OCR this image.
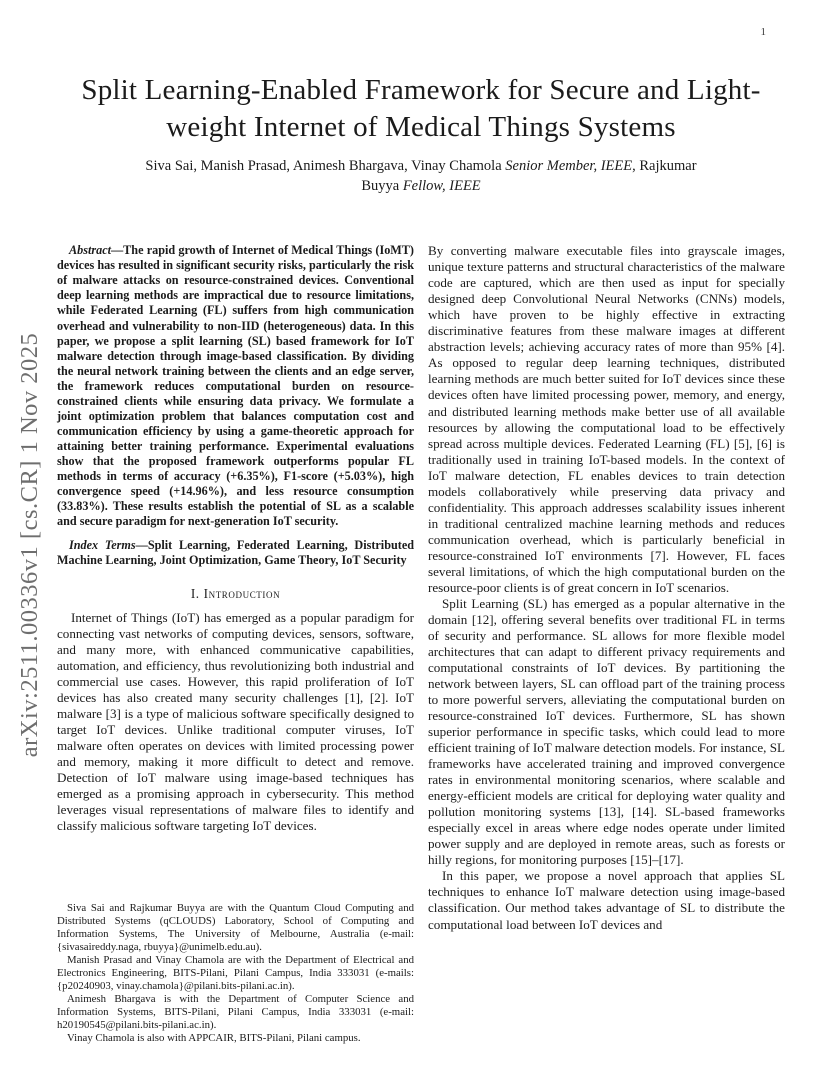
1
arXiv:2511.00336v1 [cs.CR] 1 Nov 2025
Split Learning-Enabled Framework for Secure and Light-weight Internet of Medical Things Systems
Siva Sai, Manish Prasad, Animesh Bhargava, Vinay Chamola Senior Member, IEEE, Rajkumar Buyya Fellow, IEEE

Abstract—The rapid growth of Internet of Medical Things (IoMT) devices has resulted in significant security risks, particularly the risk of malware attacks on resource-constrained devices. Conventional deep learning methods are impractical due to resource limitations, while Federated Learning (FL) suffers from high communication overhead and vulnerability to non-IID (heterogeneous) data. In this paper, we propose a split learning (SL) based framework for IoT malware detection through image-based classification. By dividing the neural network training between the clients and an edge server, the framework reduces computational burden on resource-constrained clients while ensuring data privacy. We formulate a joint optimization problem that balances computation cost and communication efficiency by using a game-theoretic approach for attaining better training performance. Experimental evaluations show that the proposed framework outperforms popular FL methods in terms of accuracy (+6.35%), F1-score (+5.03%), high convergence speed (+14.96%), and less resource consumption (33.83%). These results establish the potential of SL as a scalable and secure paradigm for next-generation IoT security.

Index Terms—Split Learning, Federated Learning, Distributed Machine Learning, Joint Optimization, Game Theory, IoT Security

I. Introduction

Internet of Things (IoT) has emerged as a popular paradigm for connecting vast networks of computing devices, sensors, software, and many more, with enhanced communicative capabilities, automation, and efficiency, thus revolutionizing both industrial and commercial use cases. However, this rapid proliferation of IoT devices has also created many security challenges [1], [2]. IoT malware [3] is a type of malicious software specifically designed to target IoT devices. Unlike traditional computer viruses, IoT malware often operates on devices with limited processing power and memory, making it more difficult to detect and remove. Detection of IoT malware using image-based techniques has emerged as a promising approach in cybersecurity. This method leverages visual representations of malware files to identify and classify malicious software targeting IoT devices.

Siva Sai and Rajkumar Buyya are with the Quantum Cloud Computing and Distributed Systems (qCLOUDS) Laboratory, School of Computing and Information Systems, The University of Melbourne, Australia (e-mail: {sivasaireddy.naga, rbuyya}@unimelb.edu.au).

Manish Prasad and Vinay Chamola are with the Department of Electrical and Electronics Engineering, BITS-Pilani, Pilani Campus, India 333031 (e-mails: {p20240903, vinay.chamola}@pilani.bits-pilani.ac.in).

Animesh Bhargava is with the Department of Computer Science and Information Systems, BITS-Pilani, Pilani Campus, India 333031 (e-mail: h20190545@pilani.bits-pilani.ac.in).

Vinay Chamola is also with APPCAIR, BITS-Pilani, Pilani campus.

By converting malware executable files into grayscale images, unique texture patterns and structural characteristics of the malware code are captured, which are then used as input for specially designed deep Convolutional Neural Networks (CNNs) models, which have proven to be highly effective in extracting discriminative features from these malware images at different abstraction levels; achieving accuracy rates of more than 95% [4]. As opposed to regular deep learning techniques, distributed learning methods are much better suited for IoT devices since these devices often have limited processing power, memory, and energy, and distributed learning methods make better use of all available resources by allowing the computational load to be effectively spread across multiple devices. Federated Learning (FL) [5], [6] is traditionally used in training IoT-based models. In the context of IoT malware detection, FL enables devices to train detection models collaboratively while preserving data privacy and confidentiality. This approach addresses scalability issues inherent in traditional centralized machine learning methods and reduces communication overhead, which is particularly beneficial in resource-constrained IoT environments [7]. However, FL faces several limitations, of which the high computational burden on the resource-poor clients is of great concern in IoT scenarios.

Split Learning (SL) has emerged as a popular alternative in the domain [12], offering several benefits over traditional FL in terms of security and performance. SL allows for more flexible model architectures that can adapt to different privacy requirements and computational constraints of IoT devices. By partitioning the network between layers, SL can offload part of the training process to more powerful servers, alleviating the computational burden on resource-constrained IoT devices. Furthermore, SL has shown superior performance in specific tasks, which could lead to more efficient training of IoT malware detection models. For instance, SL frameworks have accelerated training and improved convergence rates in environmental monitoring scenarios, where scalable and energy-efficient models are critical for deploying water quality and pollution monitoring systems [13], [14]. SL-based frameworks especially excel in areas where edge nodes operate under limited power supply and are deployed in remote areas, such as forests or hilly regions, for monitoring purposes [15]–[17].

In this paper, we propose a novel approach that applies SL techniques to enhance IoT malware detection using image-based classification. Our method takes advantage of SL to distribute the computational load between IoT devices and
